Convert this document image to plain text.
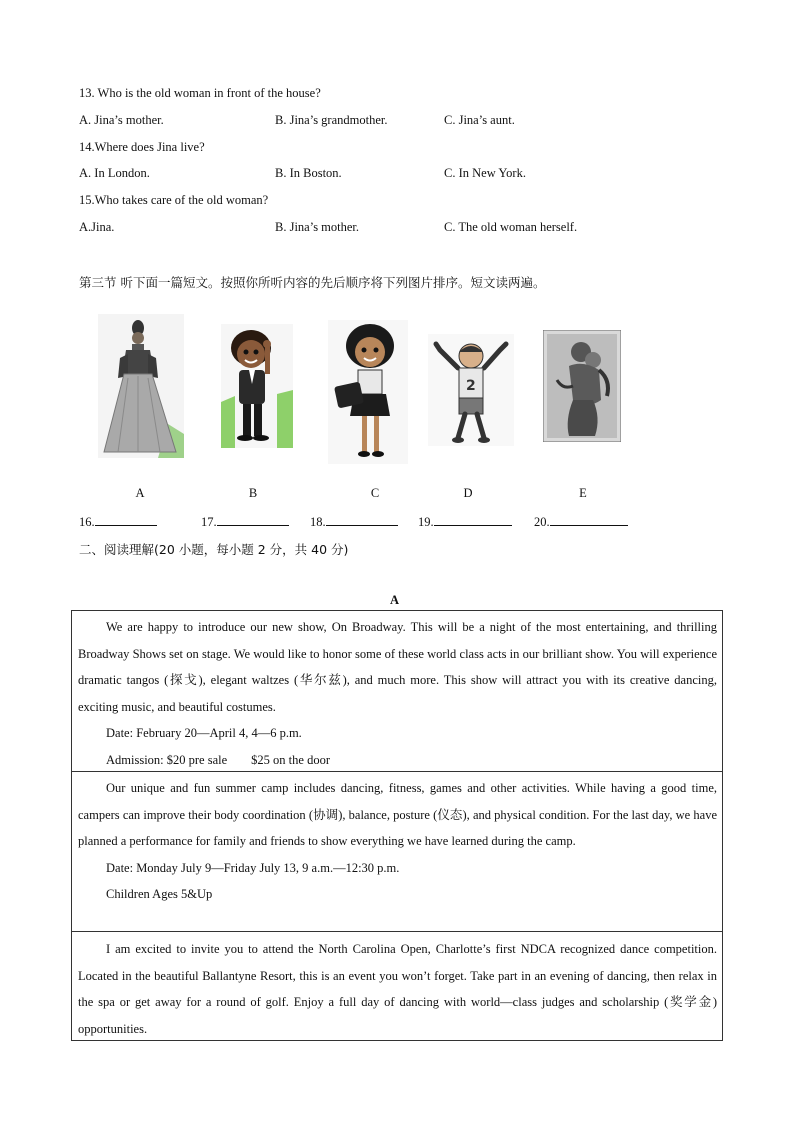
13. Who is the old woman in front of the house?
A. Jina’s mother.	B. Jina’s grandmother.	C. Jina’s aunt.
14.Where does Jina live?
A. In London.	B. In Boston.	C. In New York.
15.Who takes care of the old woman?
A.Jina.	B. Jina’s mother.	C. The old woman herself.
第三节 听下面一篇短文。按照你所听内容的先后顺序将下列图片排序。短文读两遍。
2
A	B	C	D	E
16.	17.	18.	19.	20.
二、阅读理解(20 小题，每小题 2 分，共 40 分)
A

We are happy to introduce our new show, On Broadway. This will be a night of the most entertaining, and thrilling Broadway Shows set on stage. We would like to honor some of these world class acts in our brilliant show. You will experience dramatic tangos (探戈), elegant waltzes (华尔兹), and much more. This show will attract you with its creative dancing, exciting music, and beautiful costumes.

Date: February 20—April 4, 4—6 p.m.

Admission: $20 pre sale $25 on the door

Our unique and fun summer camp includes dancing, fitness, games and other activities. While having a good time, campers can improve their body coordination (协调), balance, posture (仪态), and physical condition. For the last day, we have planned a performance for family and friends to show everything we have learned during the camp.

Date: Monday July 9—Friday July 13, 9 a.m.—12:30 p.m.

Children Ages 5&Up

I am excited to invite you to attend the North Carolina Open, Charlotte’s first NDCA recognized dance competition. Located in the beautiful Ballantyne Resort, this is an event you won’t forget. Take part in an evening of dancing, then relax in the spa or get away for a round of golf. Enjoy a full day of dancing with world—class judges and scholarship (奖学金) opportunities.
